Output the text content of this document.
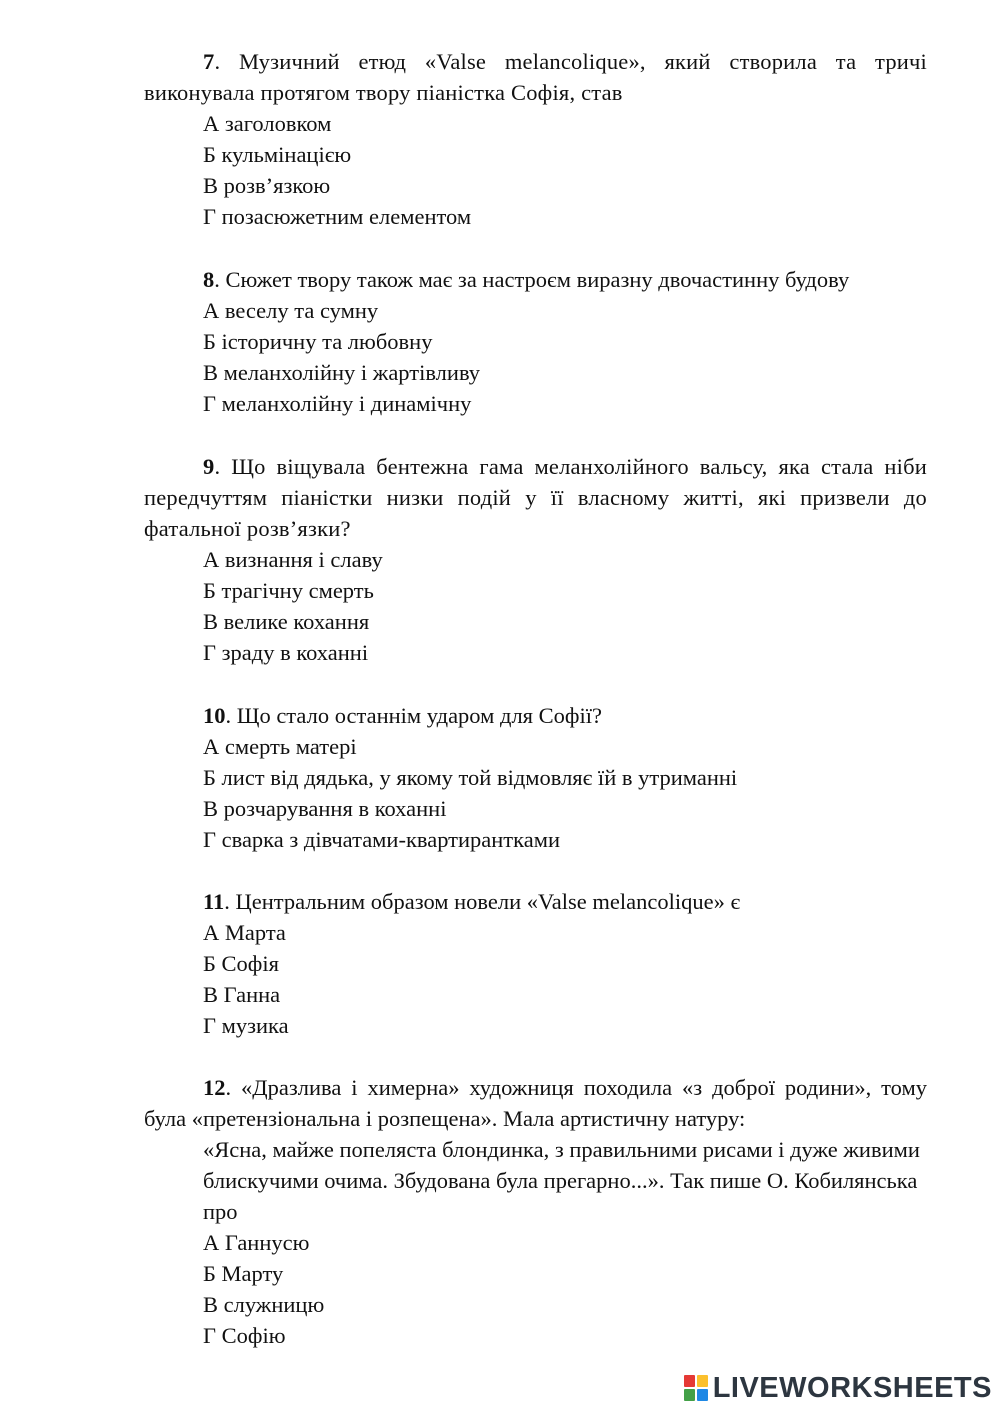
7. Музичний етюд «Valse melancolique», який створила та тричі виконувала протягом твору піаністка Софія, став

А заголовком

Б кульмінацією

В розв’язкою

Г позасюжетним елементом

8. Сюжет твору також має за настроєм виразну двочастинну будову

А веселу та сумну

Б історичну та любовну

В меланхолійну і жартівливу

Г меланхолійну і динамічну

9. Що віщувала бентежна гама меланхолійного вальсу, яка стала ніби передчуттям піаністки низки подій у її власному житті, які призвели до фатальної розв’язки?

А визнання і славу

Б трагічну смерть

В велике кохання

Г зраду в коханні

10. Що стало останнім ударом для Софії?

А смерть матері

Б лист від дядька, у якому той відмовляє їй в утриманні

В розчарування в коханні

Г сварка з дівчатами-квартирантками

11. Центральним образом новели «Valse melancolique» є

А Марта

Б Софія

В Ганна

Г музика

12. «Дразлива і химерна» художниця походила «з доброї родини», тому була «претензіональна і розпещена». Мала артистичну натуру:

«Ясна, майже попеляста блондинка, з правильними рисами і дуже живими блискучими очима. Збудована була прегарно...». Так пише О. Кобилянська про

А Ганнусю

Б Марту

В служницю

Г Софію

LIVEWORKSHEETS
